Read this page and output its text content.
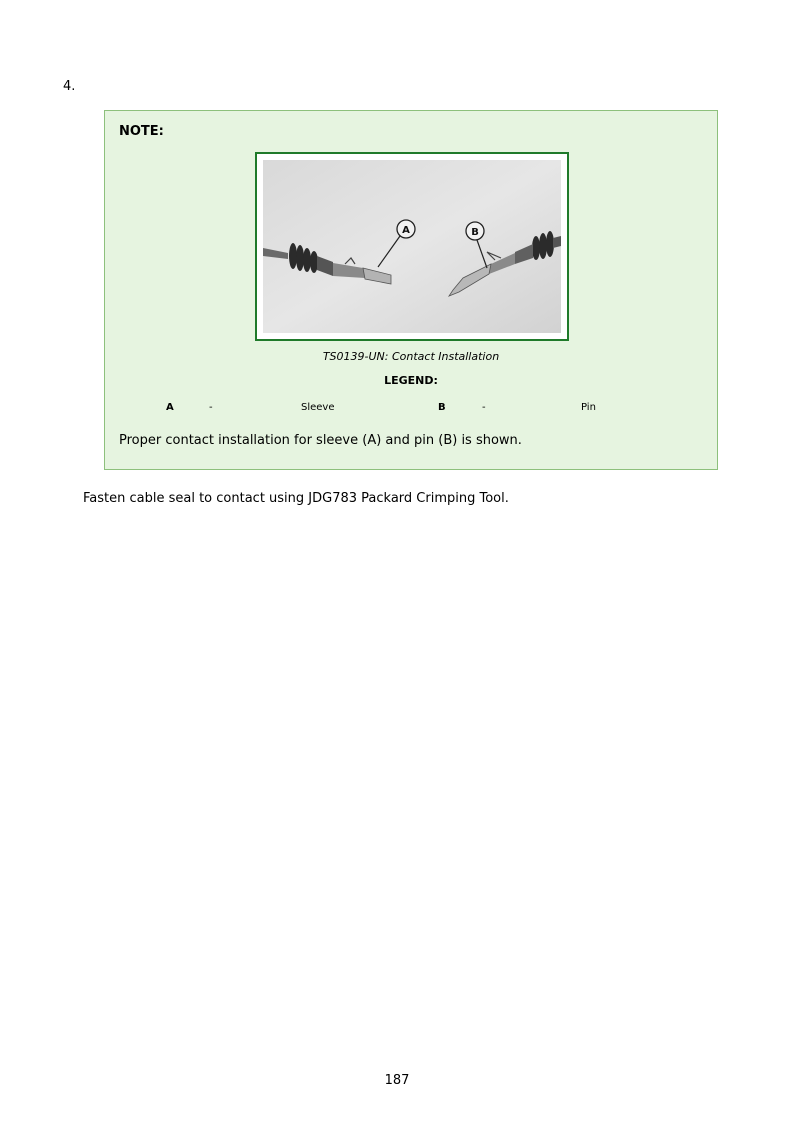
4.
NOTE:
A	B
TS0139-UN: Contact Installation
LEGEND:
A	-	Sleeve	B	-	Pin
Proper contact installation for sleeve (A) and pin (B) is shown.
Fasten cable seal to contact using JDG783 Packard Crimping Tool.
187
